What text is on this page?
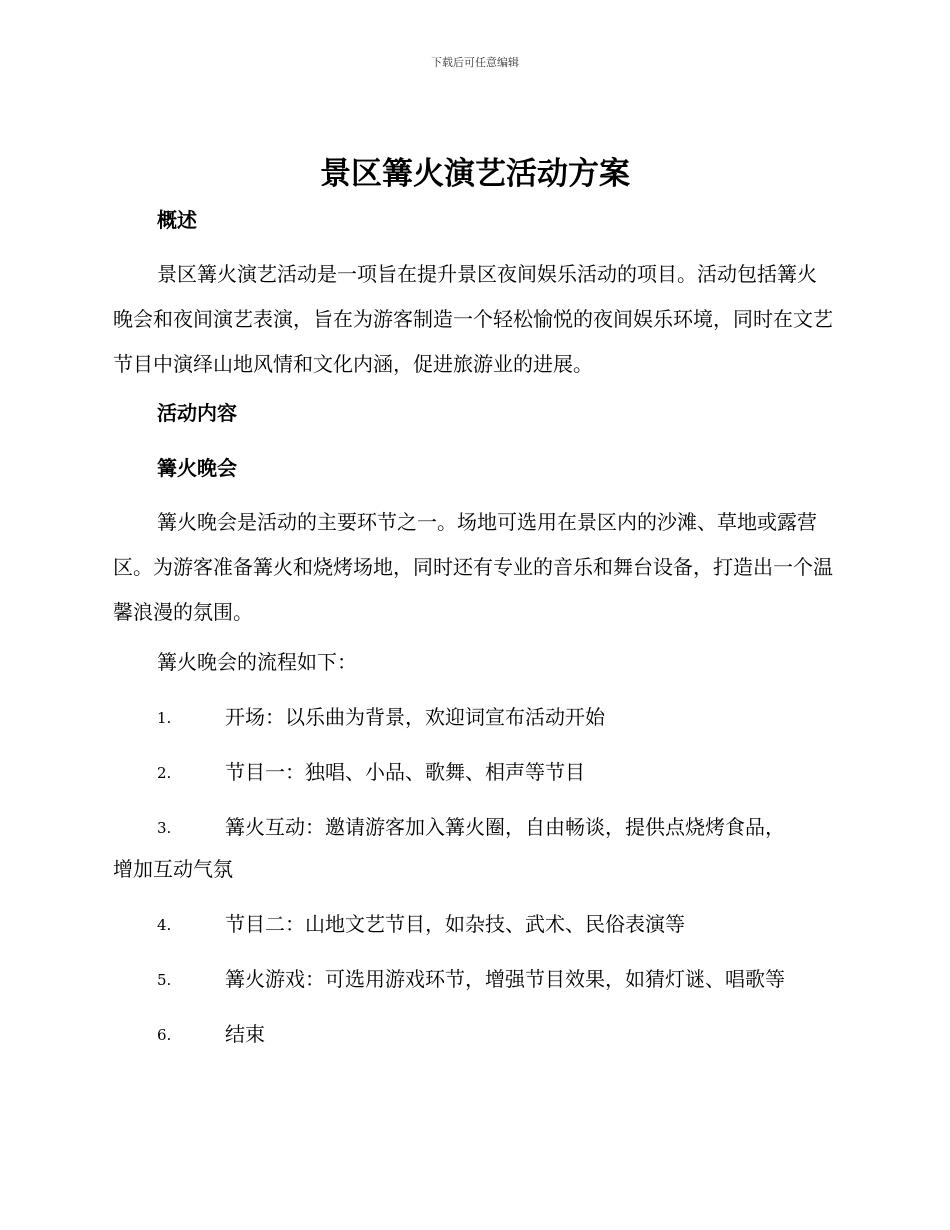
下载后可任意编辑
景区篝火演艺活动方案
概述

景区篝火演艺活动是一项旨在提升景区夜间娱乐活动的项目。活动包括篝火晚会和夜间演艺表演，旨在为游客制造一个轻松愉悦的夜间娱乐环境，同时在文艺节目中演绎山地风情和文化内涵，促进旅游业的进展。

活动内容
篝火晚会

篝火晚会是活动的主要环节之一。场地可选用在景区内的沙滩、草地或露营区。为游客准备篝火和烧烤场地，同时还有专业的音乐和舞台设备，打造出一个温馨浪漫的氛围。

篝火晚会的流程如下：

1.	开场：以乐曲为背景，欢迎词宣布活动开始
2.	节目一：独唱、小品、歌舞、相声等节目
3.	篝火互动：邀请游客加入篝火圈，自由畅谈，提供点烧烤食品，
增加互动气氛
4.	节目二：山地文艺节目，如杂技、武术、民俗表演等
5.	篝火游戏：可选用游戏环节，增强节目效果，如猜灯谜、唱歌等
6.	结束
